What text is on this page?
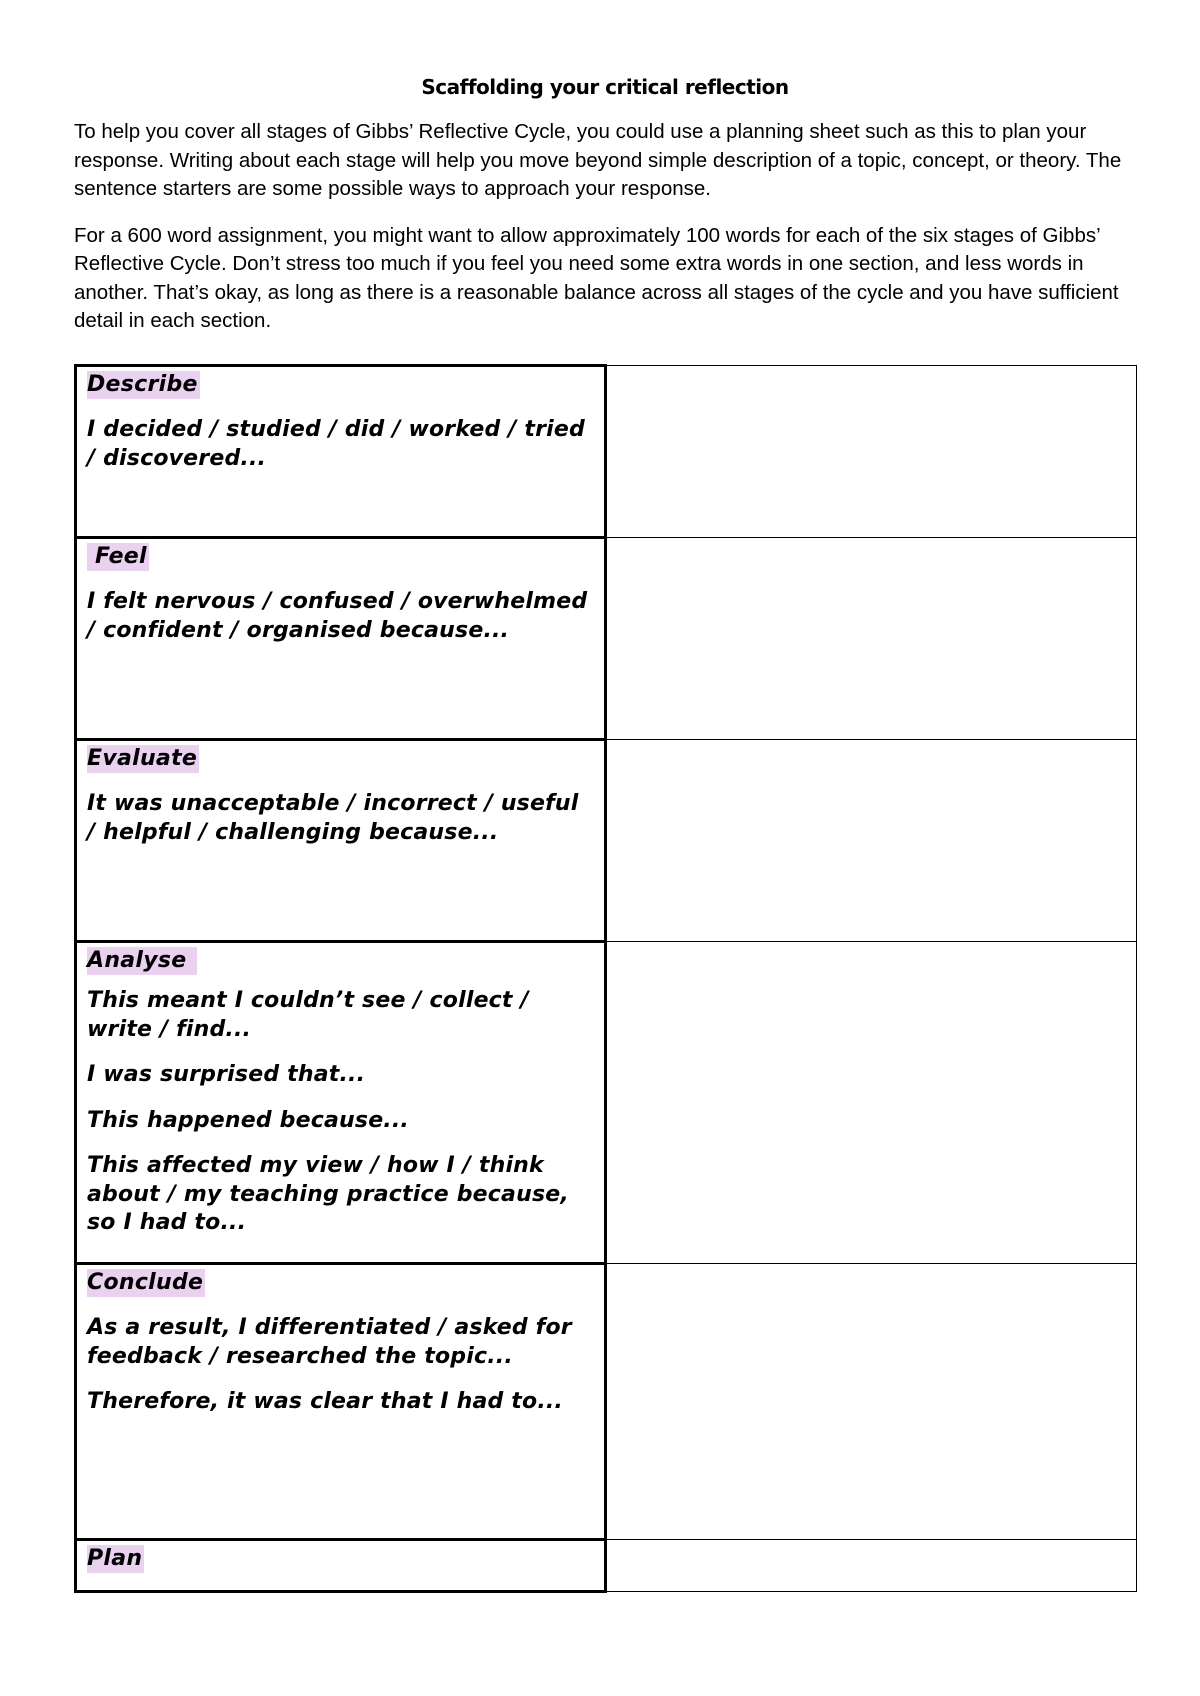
Scaffolding your critical reflection

To help you cover all stages of Gibbs’ Reflective Cycle, you could use a planning sheet such as this to plan your response. Writing about each stage will help you move beyond simple description of a topic, concept, or theory. The sentence starters are some possible ways to approach your response.

For a 600 word assignment, you might want to allow approximately 100 words for each of the six stages of Gibbs’ Reflective Cycle. Don’t stress too much if you feel you need some extra words in one section, and less words in another. That’s okay, as long as there is a reasonable balance across all stages of the cycle and you have sufficient detail in each section.

Describe

I decided / studied / did / worked / tried / discovered...	

Feel

I felt nervous / confused / overwhelmed / confident / organised because...	

Evaluate

It was unacceptable / incorrect / useful / helpful / challenging because...	

Analyse

This meant I couldn’t see / collect / write / find...

I was surprised that...

This happened because...

This affected my view / how I / think about / my teaching practice because, so I had to...	

Conclude

As a result, I differentiated / asked for feedback / researched the topic...

Therefore, it was clear that I had to...	

Plan	
